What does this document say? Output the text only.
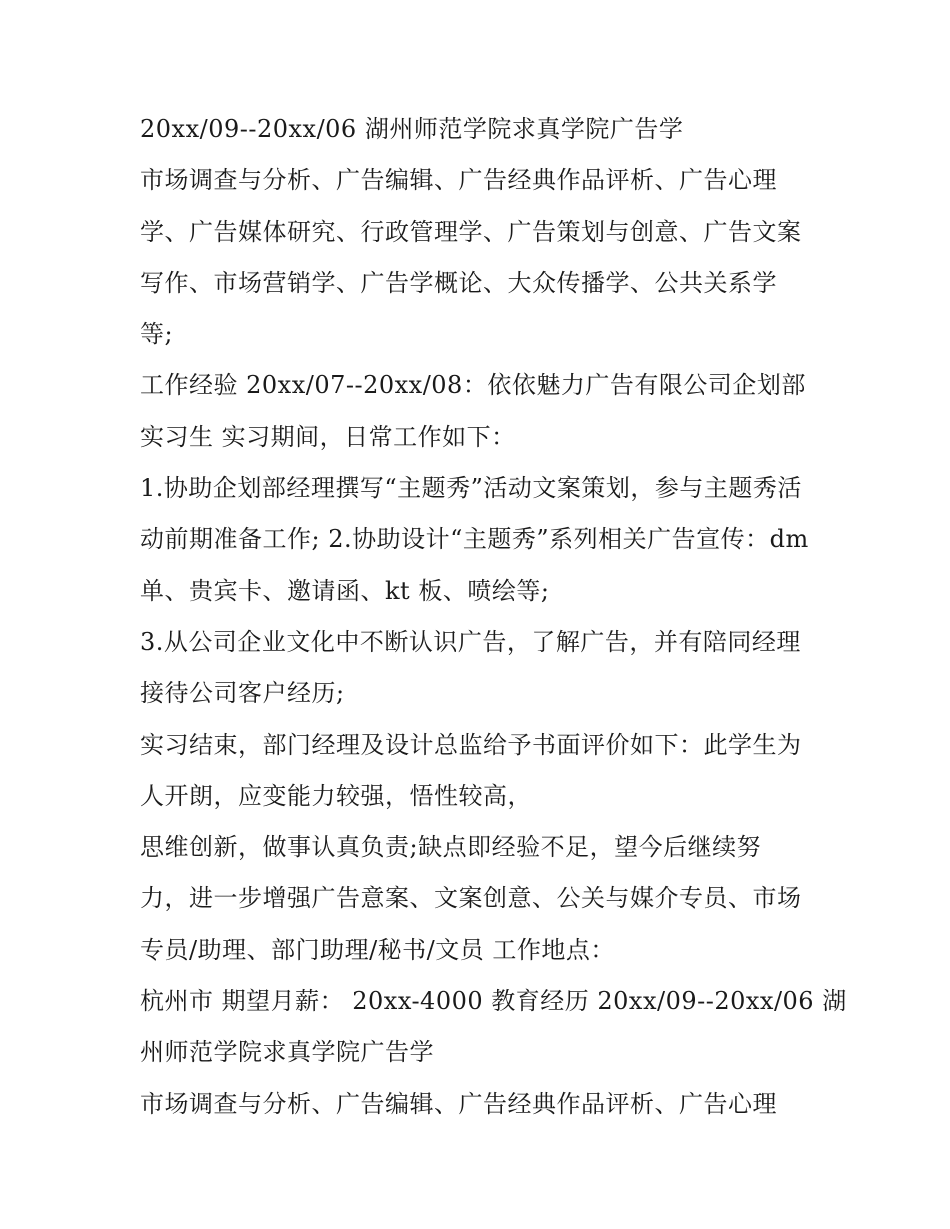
20xx/09--20xx/06 湖州师范学院求真学院广告学
市场调查与分析、广告编辑、广告经典作品评析、广告心理
学、广告媒体研究、行政管理学、广告策划与创意、广告文案
写作、市场营销学、广告学概论、大众传播学、公共关系学
等;
工作经验 20xx/07--20xx/08：依依魅力广告有限公司企划部
实习生 实习期间，日常工作如下：
1.协助企划部经理撰写“主题秀”活动文案策划，参与主题秀活
动前期准备工作; 2.协助设计“主题秀”系列相关广告宣传：dm
单、贵宾卡、邀请函、kt 板、喷绘等;
3.从公司企业文化中不断认识广告，了解广告，并有陪同经理
接待公司客户经历;
实习结束，部门经理及设计总监给予书面评价如下：此学生为
人开朗，应变能力较强，悟性较高，
思维创新，做事认真负责;缺点即经验不足，望今后继续努
力，进一步增强广告意案、文案创意、公关与媒介专员、市场
专员/助理、部门助理/秘书/文员 工作地点：
杭州市 期望月薪： 20xx-4000 教育经历 20xx/09--20xx/06 湖
州师范学院求真学院广告学
市场调查与分析、广告编辑、广告经典作品评析、广告心理
